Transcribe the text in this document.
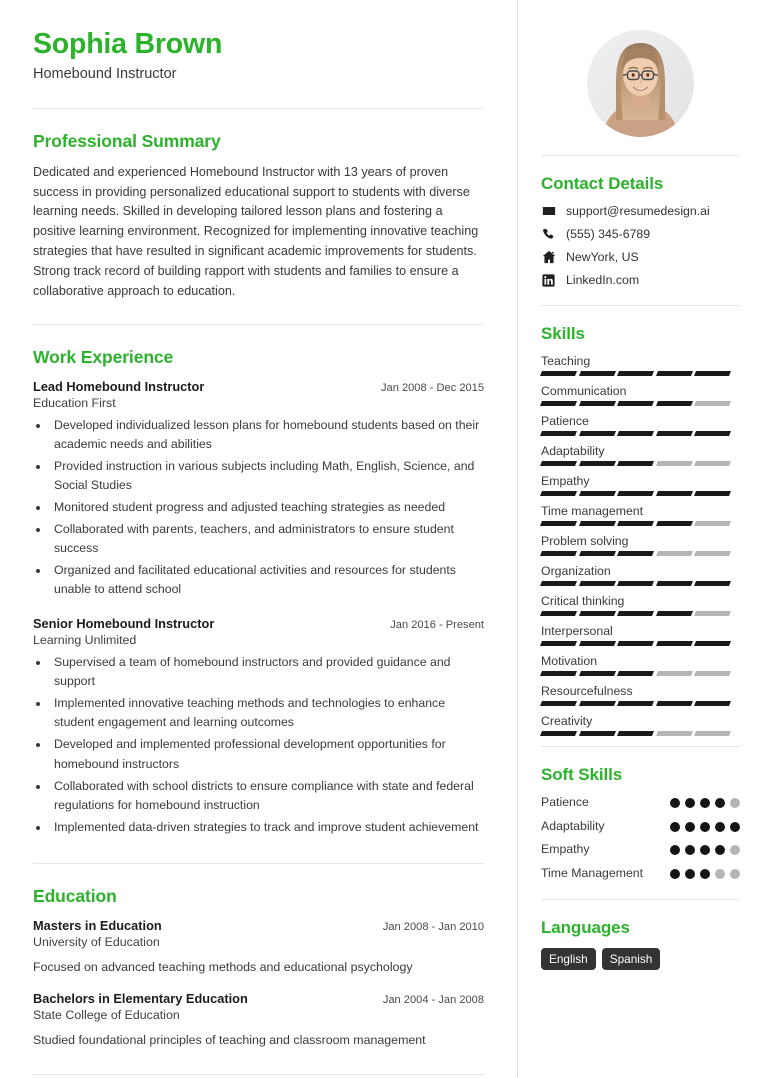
Sophia Brown
Homebound Instructor
Professional Summary
Dedicated and experienced Homebound Instructor with 13 years of proven success in providing personalized educational support to students with diverse learning needs. Skilled in developing tailored lesson plans and fostering a positive learning environment. Recognized for implementing innovative teaching strategies that have resulted in significant academic improvements for students. Strong track record of building rapport with students and families to ensure a collaborative approach to education.
Work Experience
Lead Homebound Instructor	Jan 2008 - Dec 2015
Education First
• Developed individualized lesson plans for homebound students based on their academic needs and abilities
• Provided instruction in various subjects including Math, English, Science, and Social Studies
• Monitored student progress and adjusted teaching strategies as needed
• Collaborated with parents, teachers, and administrators to ensure student success
• Organized and facilitated educational activities and resources for students unable to attend school
Senior Homebound Instructor	Jan 2016 - Present
Learning Unlimited
• Supervised a team of homebound instructors and provided guidance and support
• Implemented innovative teaching methods and technologies to enhance student engagement and learning outcomes
• Developed and implemented professional development opportunities for homebound instructors
• Collaborated with school districts to ensure compliance with state and federal regulations for homebound instruction
• Implemented data-driven strategies to track and improve student achievement
Education
Masters in Education	Jan 2008 - Jan 2010
University of Education
Focused on advanced teaching methods and educational psychology
Bachelors in Elementary Education	Jan 2004 - Jan 2008
State College of Education
Studied foundational principles of teaching and classroom management
Contact Details
support@resumedesign.ai
(555) 345-6789
NewYork, US
LinkedIn.com
Skills
Teaching
Communication
Patience
Adaptability
Empathy
Time management
Problem solving
Organization
Critical thinking
Interpersonal
Motivation
Resourcefulness
Creativity
Soft Skills
Patience
Adaptability
Empathy
Time Management
Languages
English	Spanish
